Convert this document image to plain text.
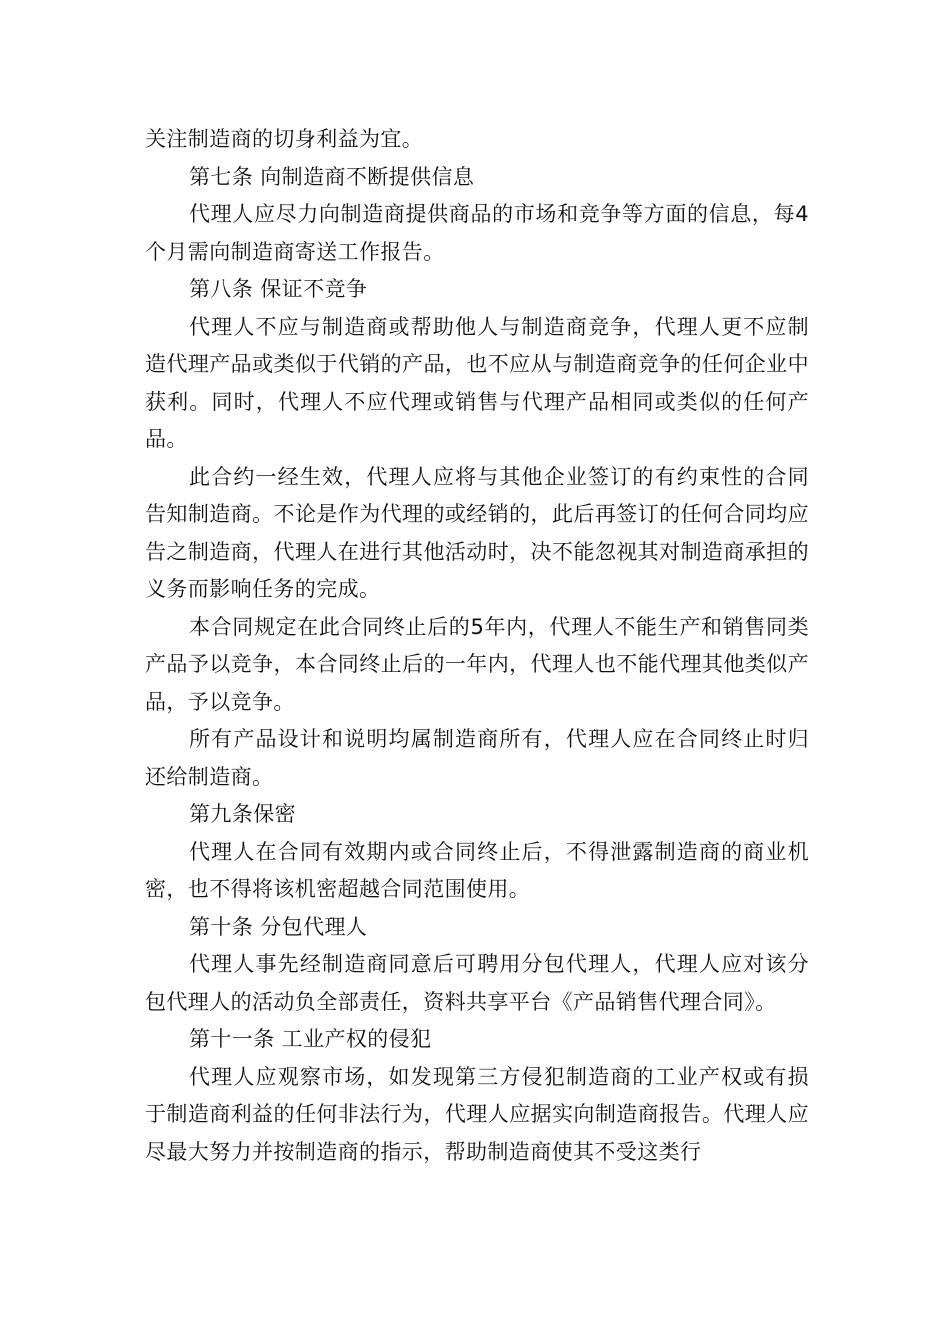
关注制造商的切身利益为宜。

第七条 向制造商不断提供信息

代理人应尽力向制造商提供商品的市场和竞争等方面的信息，每4个月需向制造商寄送工作报告。

第八条 保证不竞争

代理人不应与制造商或帮助他人与制造商竞争，代理人更不应制造代理产品或类似于代销的产品，也不应从与制造商竞争的任何企业中获利。同时，代理人不应代理或销售与代理产品相同或类似的任何产品。

此合约一经生效，代理人应将与其他企业签订的有约束性的合同告知制造商。不论是作为代理的或经销的，此后再签订的任何合同均应告之制造商，代理人在进行其他活动时，决不能忽视其对制造商承担的义务而影响任务的完成。

本合同规定在此合同终止后的5年内，代理人不能生产和销售同类产品予以竞争，本合同终止后的一年内，代理人也不能代理其他类似产品，予以竞争。

所有产品设计和说明均属制造商所有，代理人应在合同终止时归还给制造商。

第九条保密

代理人在合同有效期内或合同终止后，不得泄露制造商的商业机密，也不得将该机密超越合同范围使用。

第十条 分包代理人

代理人事先经制造商同意后可聘用分包代理人，代理人应对该分包代理人的活动负全部责任，资料共享平台《产品销售代理合同》。

第十一条 工业产权的侵犯

代理人应观察市场，如发现第三方侵犯制造商的工业产权或有损于制造商利益的任何非法行为，代理人应据实向制造商报告。代理人应尽最大努力并按制造商的指示，帮助制造商使其不受这类行
